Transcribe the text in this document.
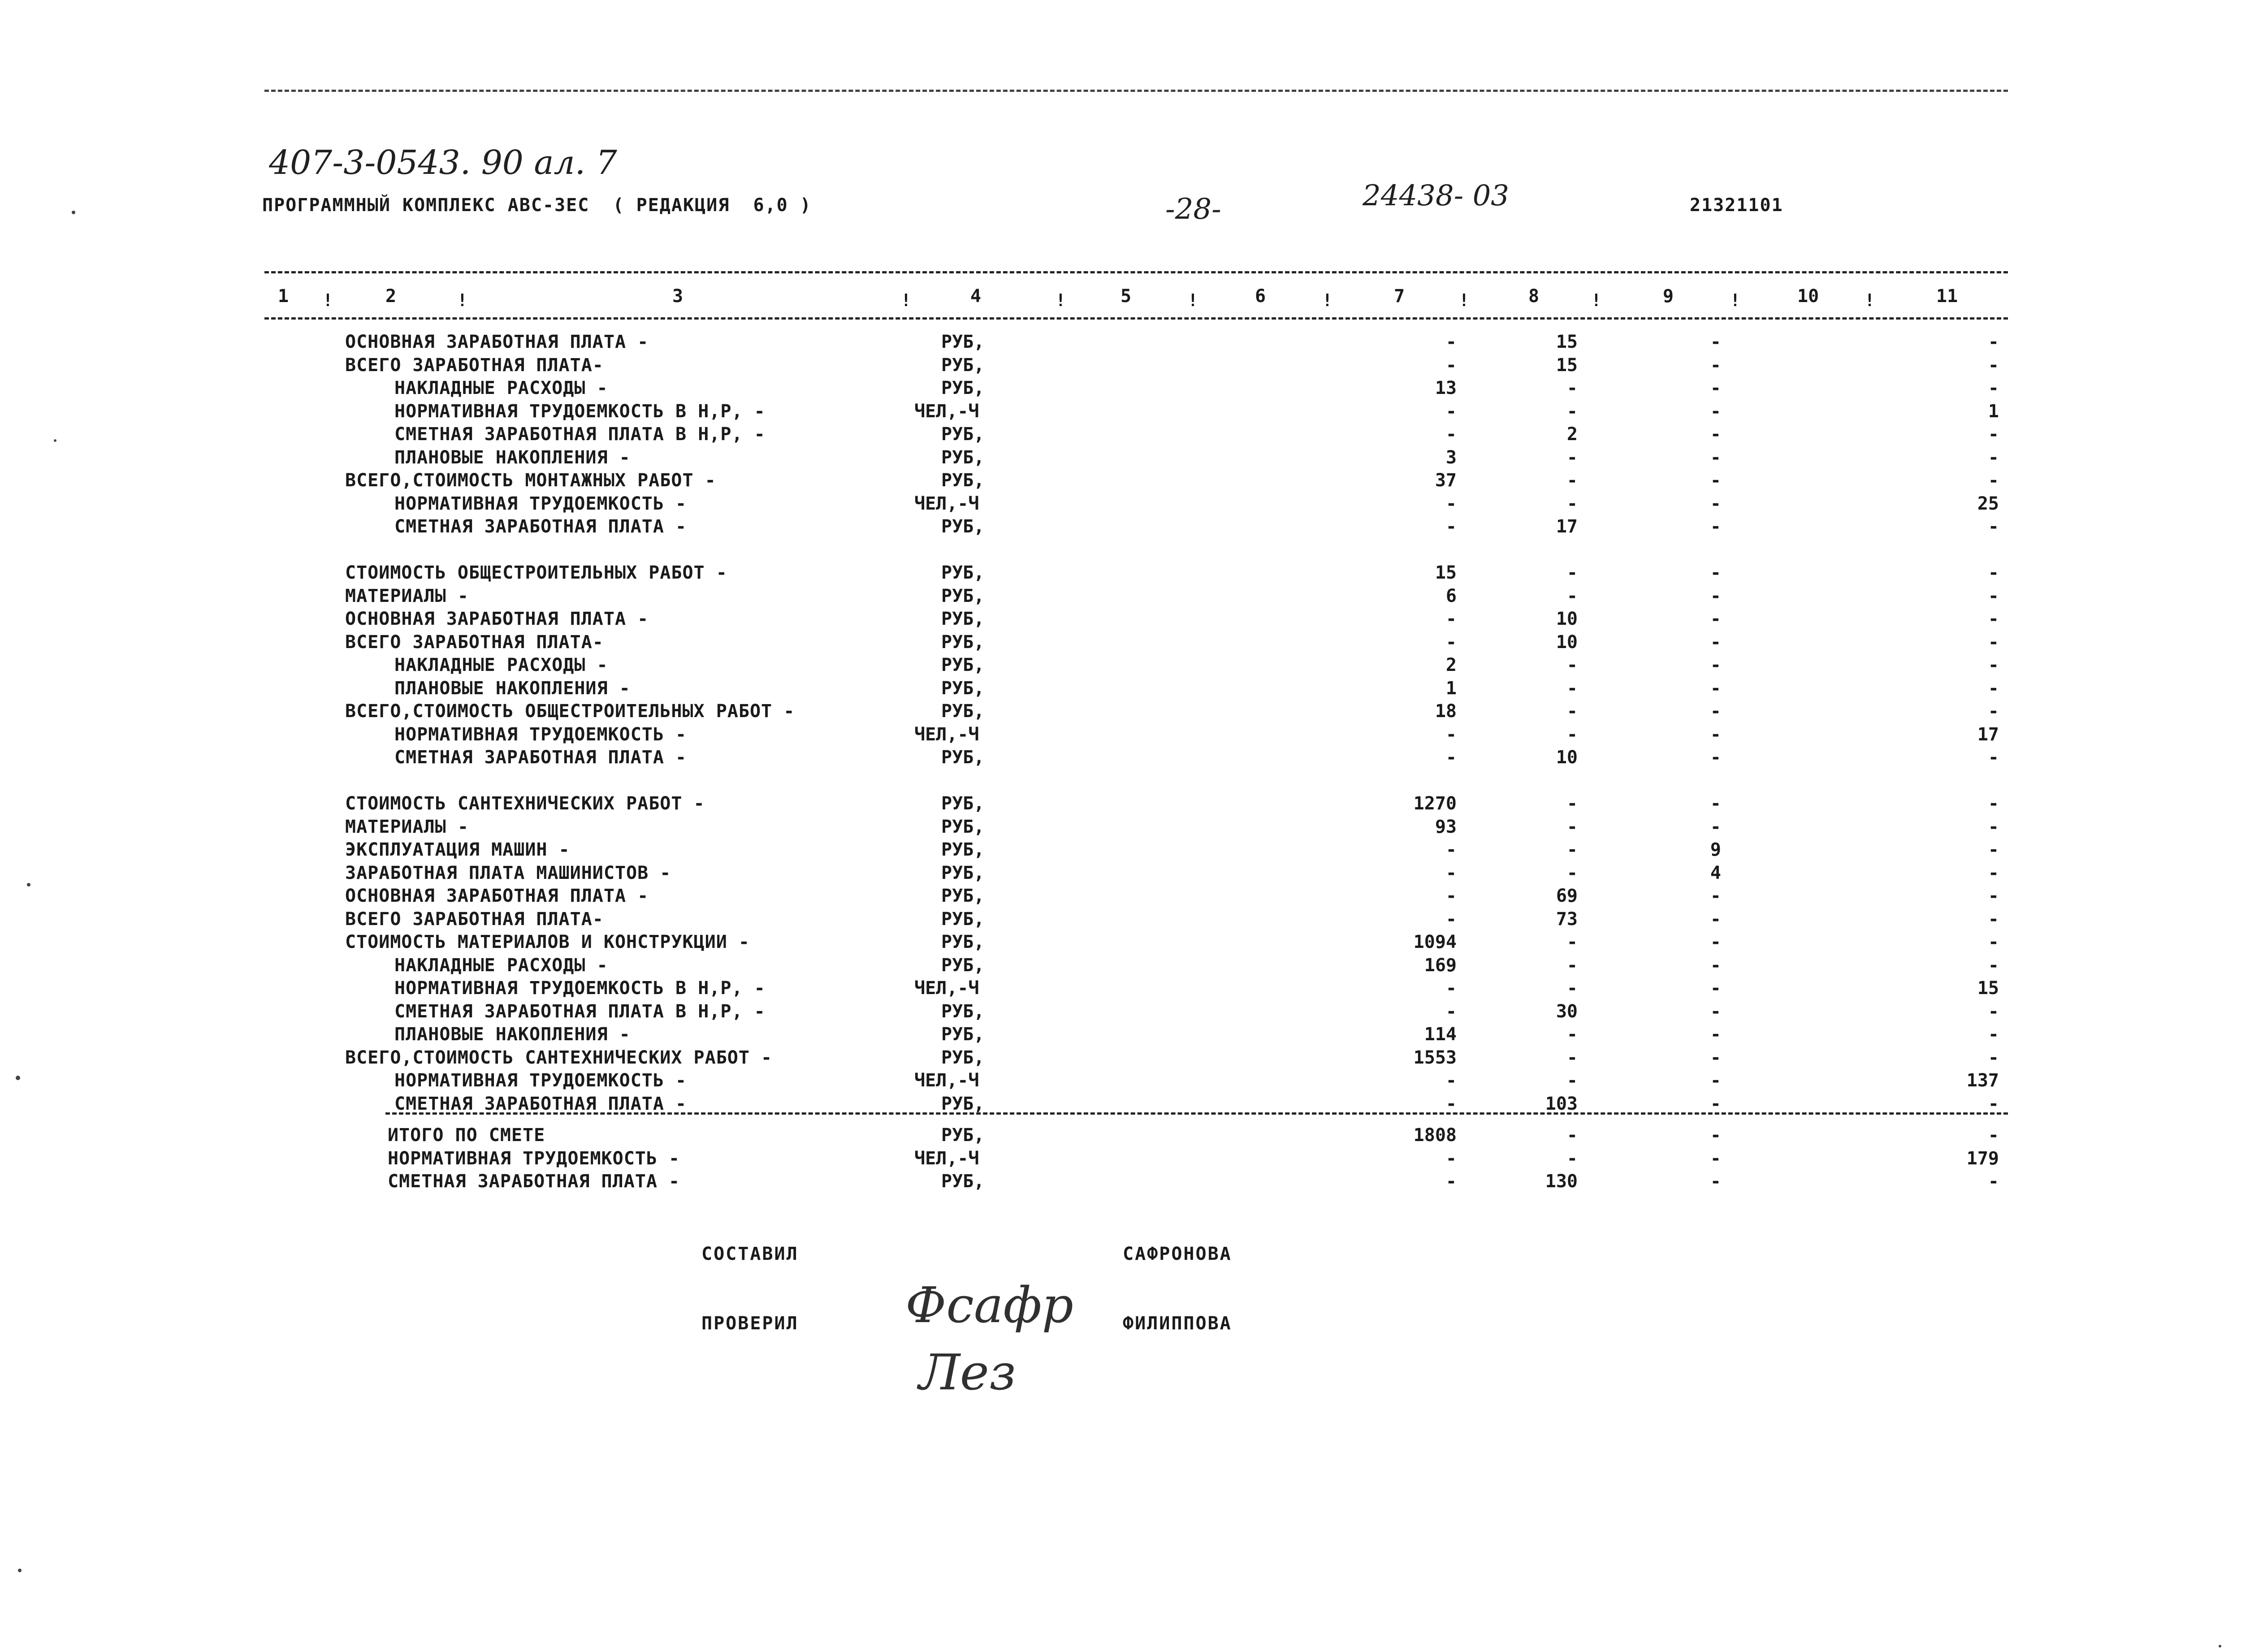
407-3-0543. 90 ал. 7
ПРОГРАММНЫЙ КОМПЛЕКС АВС-3ЕС  ( РЕДАКЦИЯ  6,0 )	-28-	24438- 03	21321101
1	2	3	4	5	6	7	8	9	10	11
!	!	!	!	!	!	!	!	!	!
ОСНОВНАЯ ЗАРАБОТНАЯ ПЛАТА -	РУБ,	-	15	-	-
ВСЕГО ЗАРАБОТНАЯ ПЛАТА-	РУБ,	-	15	-	-
НАКЛАДНЫЕ РАСХОДЫ -	РУБ,	13	-	-	-
НОРМАТИВНАЯ ТРУДОЕМКОСТЬ В Н,Р, -	ЧЕЛ,-Ч	-	-	-	1
СМЕТНАЯ ЗАРАБОТНАЯ ПЛАТА В Н,Р, -	РУБ,	-	2	-	-
ПЛАНОВЫЕ НАКОПЛЕНИЯ -	РУБ,	3	-	-	-
ВСЕГО,СТОИМОСТЬ МОНТАЖНЫХ РАБОТ -	РУБ,	37	-	-	-
НОРМАТИВНАЯ ТРУДОЕМКОСТЬ -	ЧЕЛ,-Ч	-	-	-	25
СМЕТНАЯ ЗАРАБОТНАЯ ПЛАТА -	РУБ,	-	17	-	-
СТОИМОСТЬ ОБЩЕСТРОИТЕЛЬНЫХ РАБОТ -	РУБ,	15	-	-	-
МАТЕРИАЛЫ -	РУБ,	6	-	-	-
ОСНОВНАЯ ЗАРАБОТНАЯ ПЛАТА -	РУБ,	-	10	-	-
ВСЕГО ЗАРАБОТНАЯ ПЛАТА-	РУБ,	-	10	-	-
НАКЛАДНЫЕ РАСХОДЫ -	РУБ,	2	-	-	-
ПЛАНОВЫЕ НАКОПЛЕНИЯ -	РУБ,	1	-	-	-
ВСЕГО,СТОИМОСТЬ ОБЩЕСТРОИТЕЛЬНЫХ РАБОТ -	РУБ,	18	-	-	-
НОРМАТИВНАЯ ТРУДОЕМКОСТЬ -	ЧЕЛ,-Ч	-	-	-	17
СМЕТНАЯ ЗАРАБОТНАЯ ПЛАТА -	РУБ,	-	10	-	-
СТОИМОСТЬ САНТЕХНИЧЕСКИХ РАБОТ -	РУБ,	1270	-	-	-
МАТЕРИАЛЫ -	РУБ,	93	-	-	-
ЭКСПЛУАТАЦИЯ МАШИН -	РУБ,	-	-	9	-
ЗАРАБОТНАЯ ПЛАТА МАШИНИСТОВ -	РУБ,	-	-	4	-
ОСНОВНАЯ ЗАРАБОТНАЯ ПЛАТА -	РУБ,	-	69	-	-
ВСЕГО ЗАРАБОТНАЯ ПЛАТА-	РУБ,	-	73	-	-
СТОИМОСТЬ МАТЕРИАЛОВ И КОНСТРУКЦИИ -	РУБ,	1094	-	-	-
НАКЛАДНЫЕ РАСХОДЫ -	РУБ,	169	-	-	-
НОРМАТИВНАЯ ТРУДОЕМКОСТЬ В Н,Р, -	ЧЕЛ,-Ч	-	-	-	15
СМЕТНАЯ ЗАРАБОТНАЯ ПЛАТА В Н,Р, -	РУБ,	-	30	-	-
ПЛАНОВЫЕ НАКОПЛЕНИЯ -	РУБ,	114	-	-	-
ВСЕГО,СТОИМОСТЬ САНТЕХНИЧЕСКИХ РАБОТ -	РУБ,	1553	-	-	-
НОРМАТИВНАЯ ТРУДОЕМКОСТЬ -	ЧЕЛ,-Ч	-	-	-	137
СМЕТНАЯ ЗАРАБОТНАЯ ПЛАТА -	РУБ,	-	103	-	-
ИТОГО ПО СМЕТЕ	РУБ,	1808	-	-	-
НОРМАТИВНАЯ ТРУДОЕМКОСТЬ -	ЧЕЛ,-Ч	-	-	-	179
СМЕТНАЯ ЗАРАБОТНАЯ ПЛАТА -	РУБ,	-	130	-	-
СОСТАВИЛ

Фсафр

САФРОНОВА
ПРОВЕРИЛ

Лез

ФИЛИППОВА
